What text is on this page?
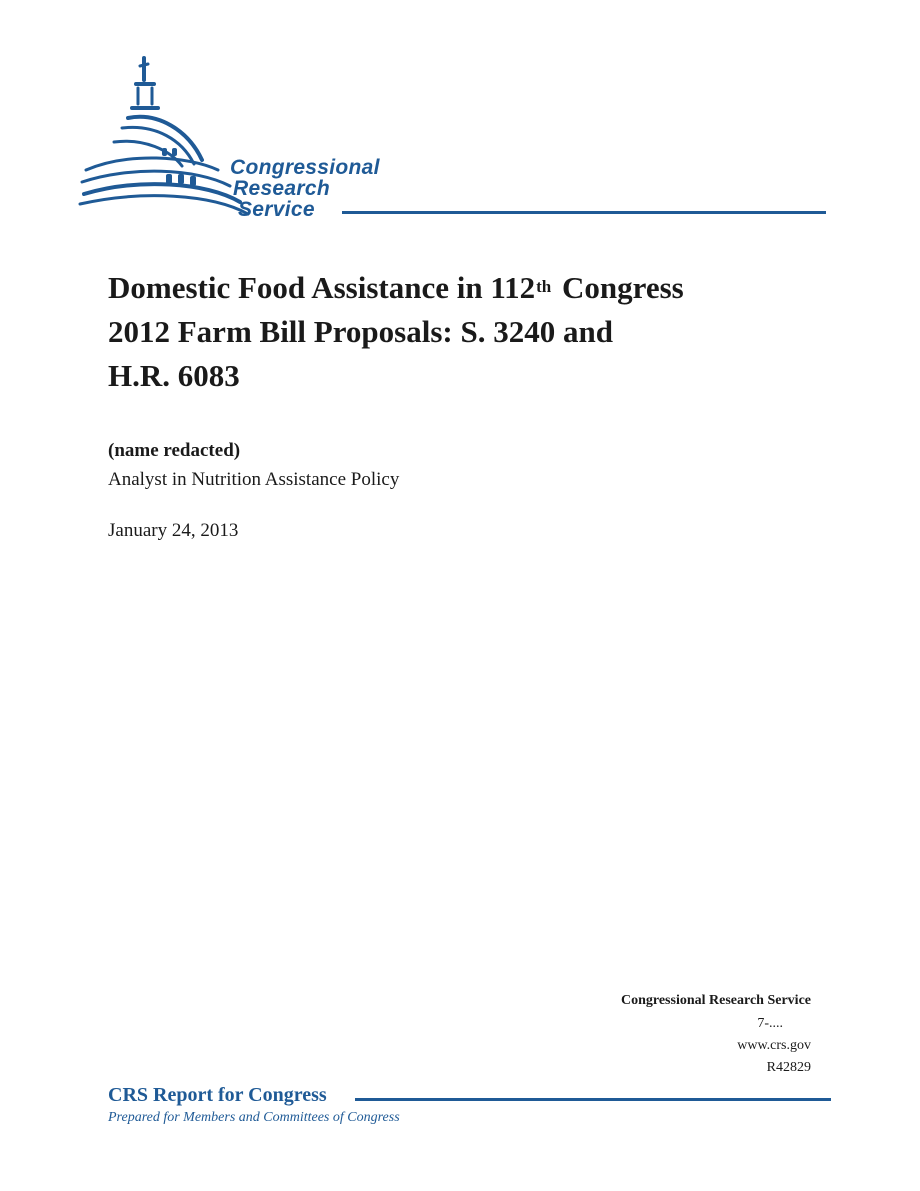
Congressional
Research
Service
Domestic Food Assistance in 112th Congress
2012 Farm Bill Proposals: S. 3240 and
H.R. 6083
(name redacted)
Analyst in Nutrition Assistance Policy
January 24, 2013
Congressional Research Service
7-....
www.crs.gov
R42829
CRS Report for Congress
Prepared for Members and Committees of Congress
